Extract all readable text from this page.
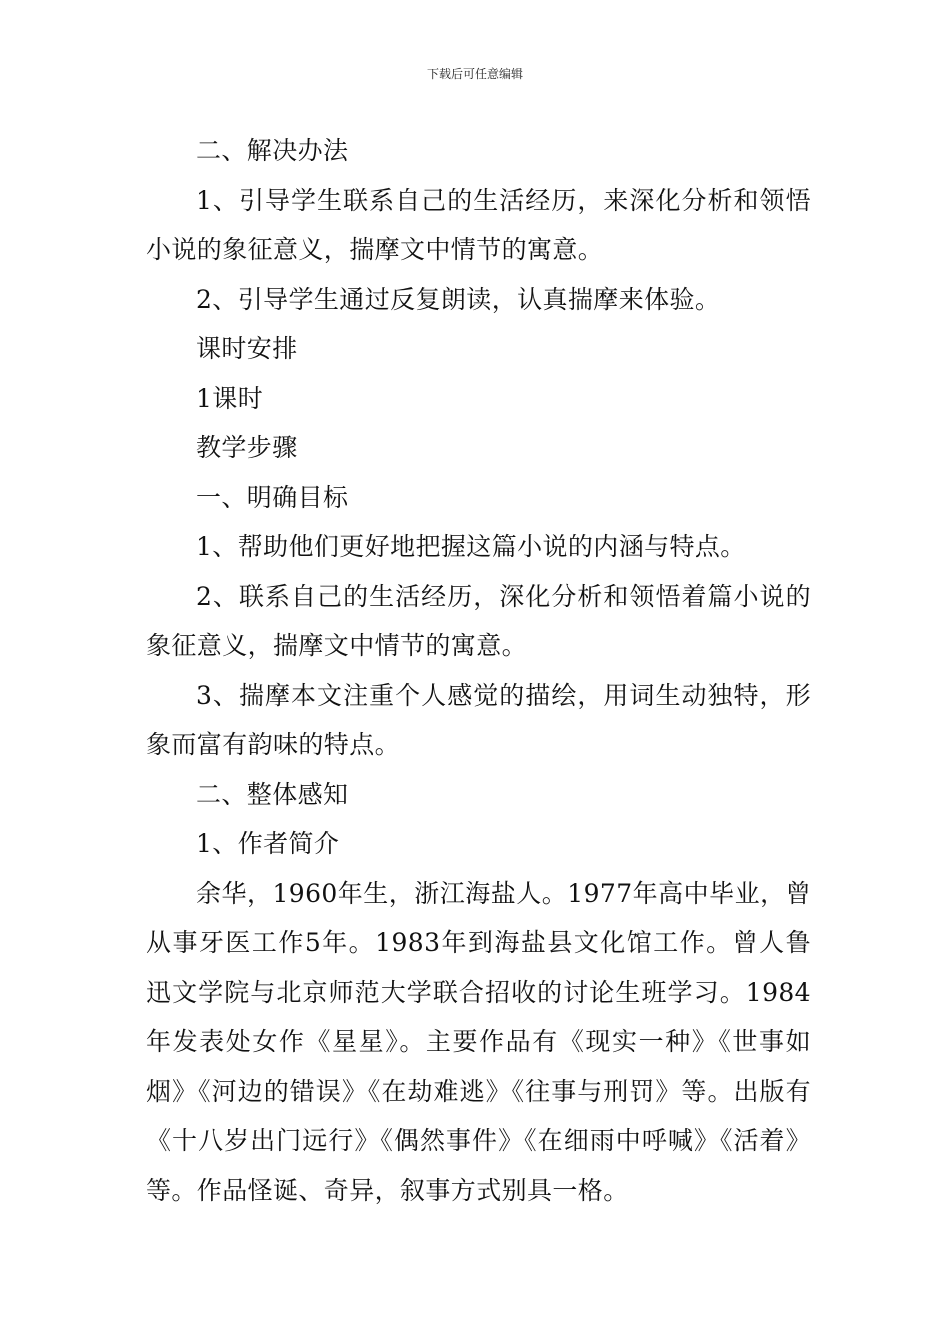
下载后可任意编辑

二、解决办法

1、引导学生联系自己的生活经历，来深化分析和领悟小说的象征意义，揣摩文中情节的寓意。

2、引导学生通过反复朗读，认真揣摩来体验。

课时安排

1课时

教学步骤

一、明确目标

1、帮助他们更好地把握这篇小说的内涵与特点。

2、联系自己的生活经历，深化分析和领悟着篇小说的象征意义，揣摩文中情节的寓意。

3、揣摩本文注重个人感觉的描绘，用词生动独特，形象而富有韵味的特点。

二、整体感知

1、作者简介

余华，1960年生，浙江海盐人。1977年高中毕业，曾从事牙医工作5年。1983年到海盐县文化馆工作。曾人鲁迅文学院与北京师范大学联合招收的讨论生班学习。1984年发表处女作《星星》。主要作品有《现实一种》《世事如烟》《河边的错误》《在劫难逃》《往事与刑罚》等。出版有《十八岁出门远行》《偶然事件》《在细雨中呼喊》《活着》等。作品怪诞、奇异，叙事方式别具一格。
